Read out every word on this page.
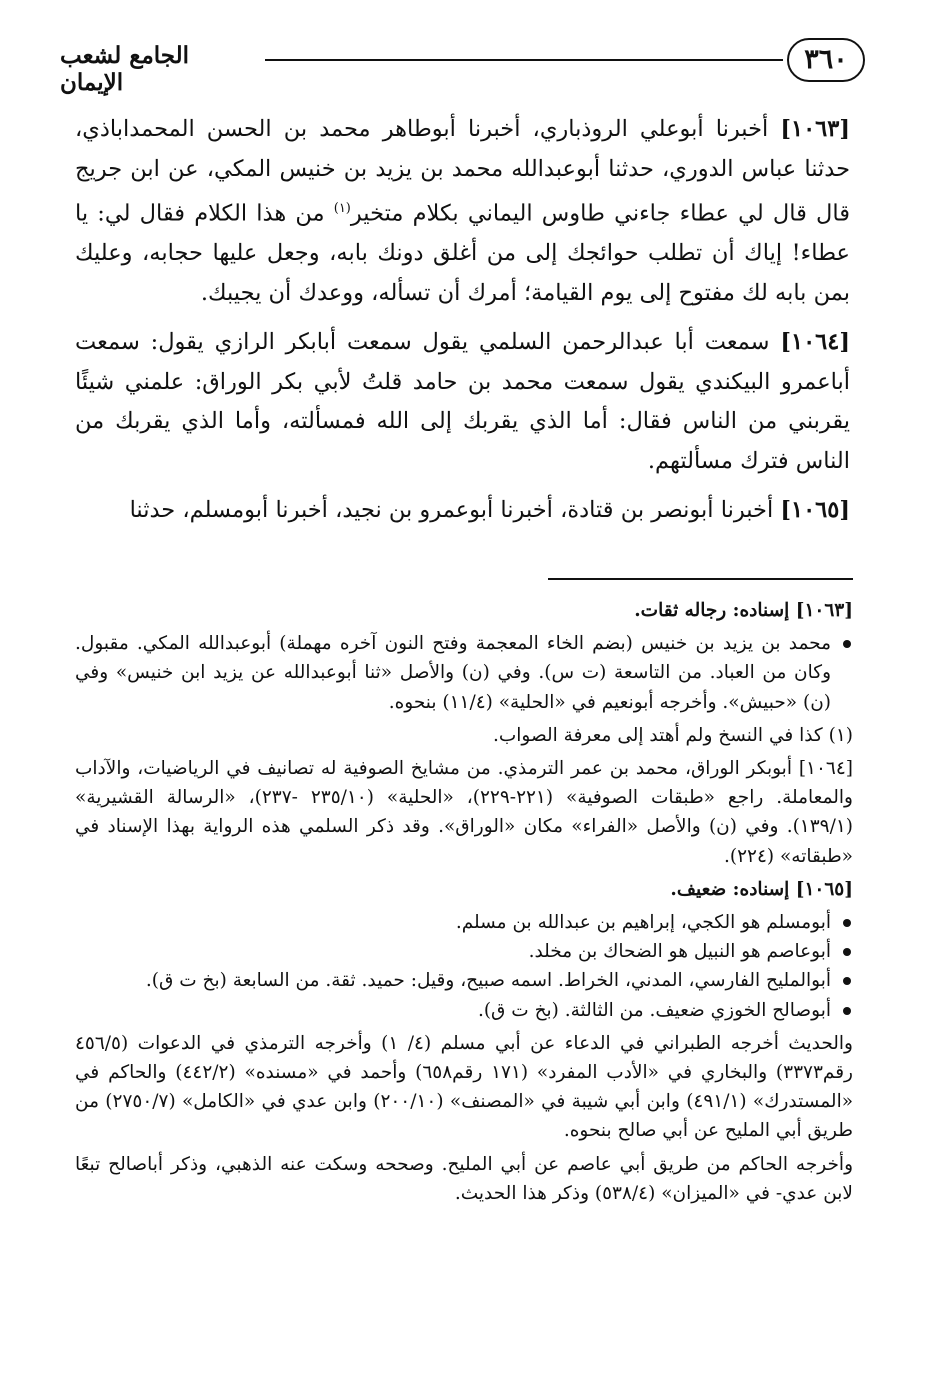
٣٦٠
الجامع لشعب الإيمان

[١٠٦٣] أخبرنا أبوعلي الروذباري، أخبرنا أبوطاهر محمد بن الحسن المحمداباذي، حدثنا عباس الدوري، حدثنا أبوعبدالله محمد بن يزيد بن خنيس المكي، عن ابن جريج قال قال لي عطاء جاءني طاوس اليماني بكلام متخير$^{(١)}$ من هذا الكلام فقال لي: يا عطاء! إياك أن تطلب حوائجك إلى من أغلق دونك بابه، وجعل عليها حجابه، وعليك بمن بابه لك مفتوح إلى يوم القيامة؛ أمرك أن تسأله، ووعدك أن يجيبك.

[١٠٦٤] سمعت أبا عبدالرحمن السلمي يقول سمعت أبابكر الرازي يقول: سمعت أباعمرو البيكندي يقول سمعت محمد بن حامد قلتُ لأبي بكر الوراق: علمني شيئًا يقربني من الناس فقال: أما الذي يقربك إلى الله فمسألته، وأما الذي يقربك من الناس فترك مسألتهم.

[١٠٦٥] أخبرنا أبونصر بن قتادة، أخبرنا أبوعمرو بن نجيد، أخبرنا أبومسلم، حدثنا

[١٠٦٣] إسناده: رجاله ثقات.

محمد بن يزيد بن خنيس (بضم الخاء المعجمة وفتح النون آخره مهملة) أبوعبدالله المكي. مقبول. وكان من العباد. من التاسعة (ت س). وفي (ن) والأصل «ثنا أبوعبدالله عن يزيد ابن خنيس» وفي (ن) «حبيش». وأخرجه أبونعيم في «الحلية» (١١/٤) بنحوه.

(١) كذا في النسخ ولم أهتد إلى معرفة الصواب.

[١٠٦٤] أبوبكر الوراق، محمد بن عمر الترمذي. من مشايخ الصوفية له تصانيف في الرياضيات، والآداب والمعاملة. راجع «طبقات الصوفية» (٢٢١-٢٢٩)، «الحلية» (٢٣٥/١٠ -٢٣٧)، «الرسالة القشيرية» (١٣٩/١). وفي (ن) والأصل «الفراء» مكان «الوراق». وقد ذكر السلمي هذه الرواية بهذا الإسناد في «طبقاته» (٢٢٤).

[١٠٦٥] إسناده: ضعيف.

أبومسلم هو الكجي، إبراهيم بن عبدالله بن مسلم.
أبوعاصم هو النبيل هو الضحاك بن مخلد.
أبوالمليح الفارسي، المدني، الخراط. اسمه صبيح، وقيل: حميد. ثقة. من السابعة (بخ ت ق).
أبوصالح الخوزي ضعيف. من الثالثة. (بخ ت ق).

والحديث أخرجه الطبراني في الدعاء عن أبي مسلم (٤/ ١) وأخرجه الترمذي في الدعوات (٤٥٦/٥ رقم٣٣٧٣) والبخاري في «الأدب المفرد» (١٧١ رقم٦٥٨) وأحمد في «مسنده» (٤٤٢/٢) والحاكم في «المستدرك» (٤٩١/١) وابن أبي شيبة في «المصنف» (٢٠٠/١٠) وابن عدي في «الكامل» (٢٧٥٠/٧) من طريق أبي المليح عن أبي صالح بنحوه.

وأخرجه الحاكم من طريق أبي عاصم عن أبي المليح. وصححه وسكت عنه الذهبي، وذكر أباصالح تبعًا لابن عدي- في «الميزان» (٥٣٨/٤) وذكر هذا الحديث.
